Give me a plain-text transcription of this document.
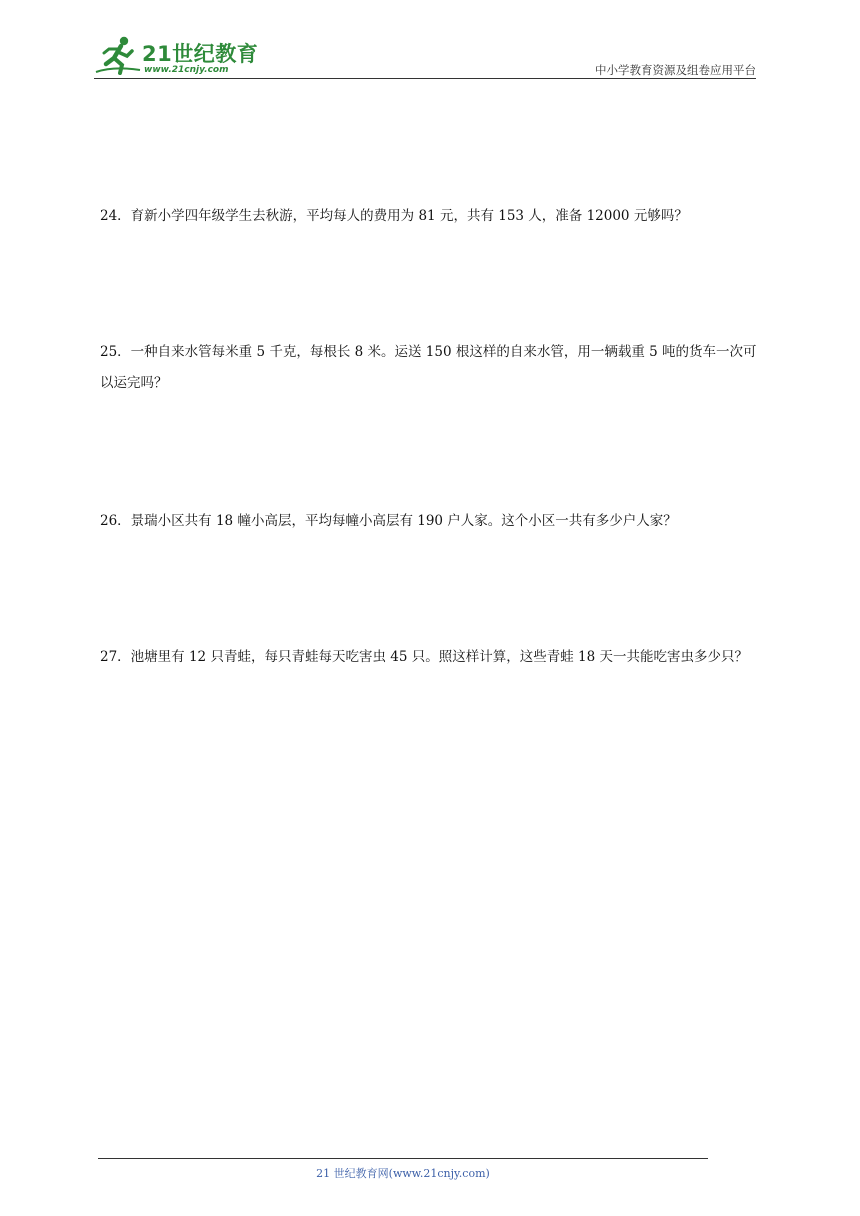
21世纪教育
www.21cnjy.com	中小学教育资源及组卷应用平台
24．育新小学四年级学生去秋游，平均每人的费用为 81 元，共有 153 人，准备 12000 元够吗？
25．一种自来水管每米重 5 千克，每根长 8 米。运送 150 根这样的自来水管，用一辆载重 5 吨的货车一次可以运完吗？
26．景瑞小区共有 18 幢小高层，平均每幢小高层有 190 户人家。这个小区一共有多少户人家？
27．池塘里有 12 只青蛙，每只青蛙每天吃害虫 45 只。照这样计算，这些青蛙 18 天一共能吃害虫多少只？
21 世纪教育网(www.21cnjy.com)
